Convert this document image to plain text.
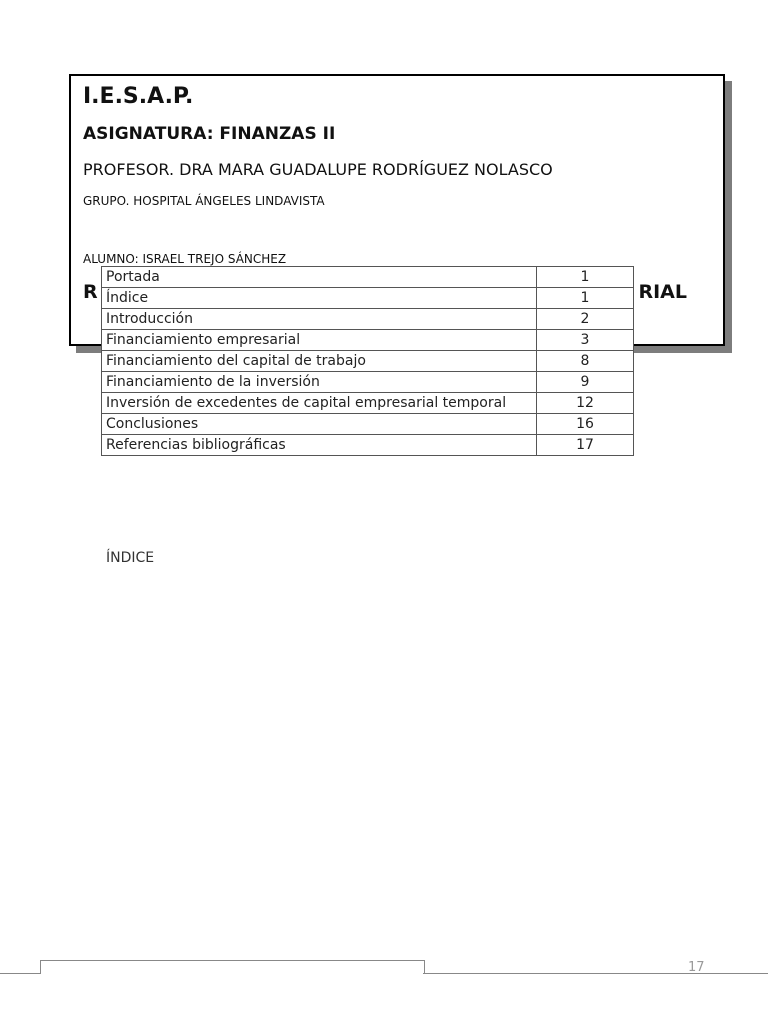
I.E.S.A.P.
ASIGNATURA: FINANZAS II
PROFESOR. DRA MARA GUADALUPE RODRÍGUEZ NOLASCO
GRUPO. HOSPITAL ÁNGELES LINDAVISTA
ALUMNO: ISRAEL TREJO SÁNCHEZ
R	RIAL
Portada	1
Índice	1
Introducción	2
Financiamiento empresarial	3
Financiamiento del capital de trabajo	8
Financiamiento de la inversión	9
Inversión de excedentes de capital empresarial temporal	12
Conclusiones	16
Referencias bibliográficas	17
ÍNDICE
17
